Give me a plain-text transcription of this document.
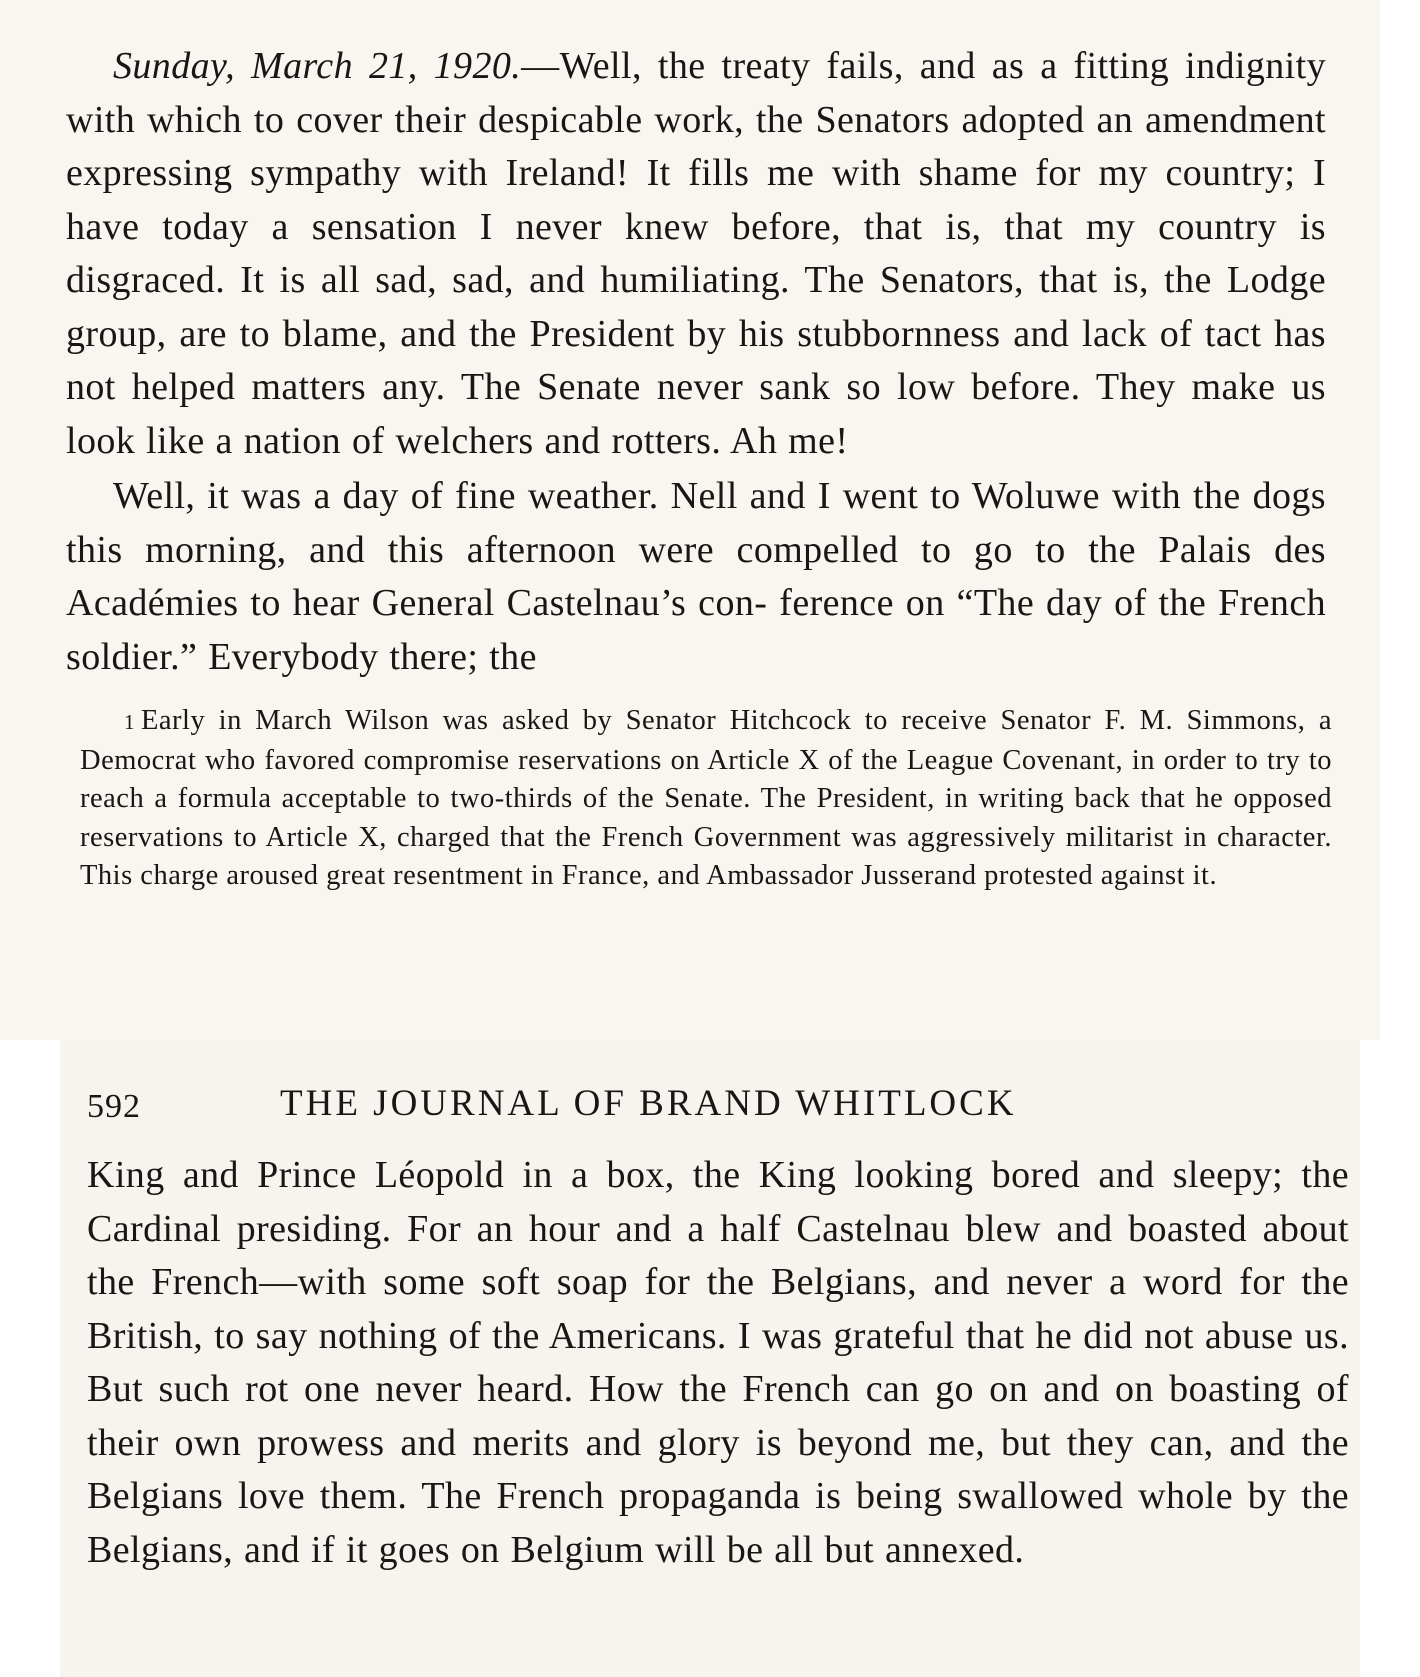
Sunday, March 21, 1920.—Well, the treaty fails, and as a fitting indignity with which to cover their despicable work, the Senators adopted an amendment expressing sympathy with Ireland! It fills me with shame for my country; I have today a sensation I never knew before, that is, that my country is disgraced. It is all sad, sad, and humiliating. The Senators, that is, the Lodge group, are to blame, and the President by his stubbornness and lack of tact has not helped matters any. The Senate never sank so low before. They make us look like a nation of welchers and rotters. Ah me!

Well, it was a day of fine weather. Nell and I went to Woluwe with the dogs this morning, and this afternoon were compelled to go to the Palais des Académies to hear General Castelnau’s con- ference on “The day of the French soldier.” Everybody there; the

1 Early in March Wilson was asked by Senator Hitchcock to receive Senator F. M. Simmons, a Democrat who favored compromise reservations on Article X of the League Covenant, in order to try to reach a formula acceptable to two-thirds of the Senate. The President, in writing back that he opposed reservations to Article X, charged that the French Government was aggressively militarist in character. This charge aroused great resentment in France, and Ambassador Jusserand protested against it.

592	THE JOURNAL OF BRAND WHITLOCK

King and Prince Léopold in a box, the King looking bored and sleepy; the Cardinal presiding. For an hour and a half Castelnau blew and boasted about the French—with some soft soap for the Belgians, and never a word for the British, to say nothing of the Americans. I was grateful that he did not abuse us. But such rot one never heard. How the French can go on and on boasting of their own prowess and merits and glory is beyond me, but they can, and the Belgians love them. The French propaganda is being swallowed whole by the Belgians, and if it goes on Belgium will be all but annexed.
